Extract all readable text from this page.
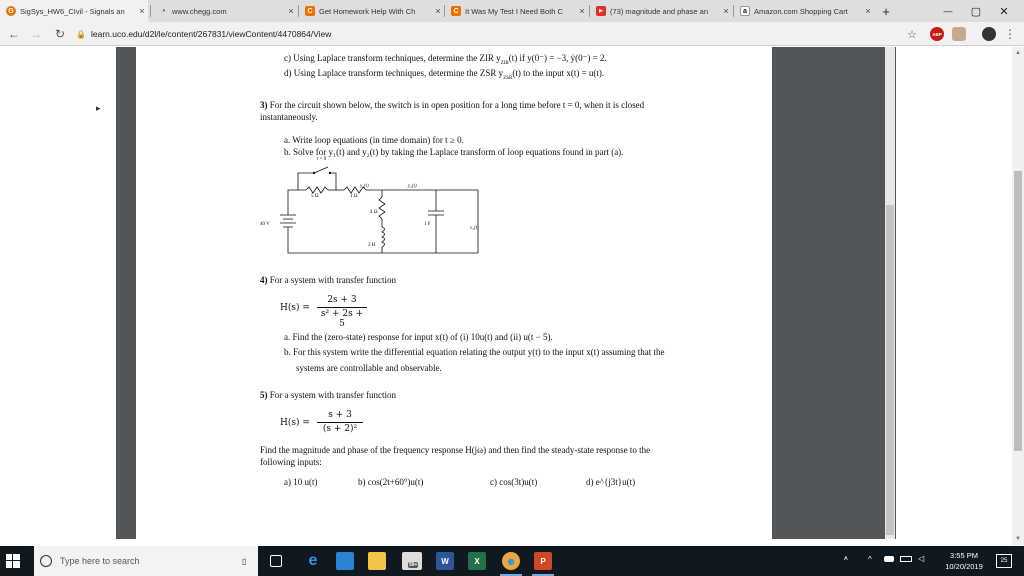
G SigSys_HW6_CIvil - Signals an	×	◔ www.chegg.com	×	C Get Homework Help With Ch	×	C It Was My Test I Need Both C	×	▶ (73) magnitude and phase an	×	a Amazon.com Shopping Cart	× +	—	▢	✕
← →	↻	🔒 learn.uco.edu/d2l/le/content/267831/viewContent/4470864/View	☆	ABP	⋮
▸
c) Using Laplace transform techniques, determine the ZIR $y_{ZIR}(t)$ if y(0⁻) = −3, ẏ(0⁻) = 2.
d) Using Laplace transform techniques, determine the ZSR $y_{ZSR}(t)$ to the input x(t) = u(t).
3) For the circuit shown below, the switch is in open position for a long time before t = 0, when it is closed
instantaneously.
a. Write loop equations (in time domain) for t ≥ 0.
b. Solve for y₁(t) and y₂(t) by taking the Laplace transform of loop equations found in part (a).
t = 0
5 Ω	1 Ω
4 Ω
2 H
1 F
40 V
y₁(t)	y₂(t)
v꜀(t)
4) For a system with transfer function
H(s) =
2s + 3
s² + 2s + 5
a. Find the (zero-state) response for input x(t) of (i) 10u(t) and (ii) u(t − 5).
b. For this system write the differential equation relating the output y(t) to the input x(t) assuming that the
systems are controllable and observable.
5) For a system with transfer function
H(s) =
s + 3
(s + 2)²
Find the magnitude and phase of the frequency response H(jω) and then find the steady-state response to the
following inputs:
a) 10 u(t)	b) cos(2t+60°)u(t)	c) cos(3t)u(t)	d) e^{j3t}u(t)
▲
▼
Type here to search	▯	e	99+	W	X	◉	P	ᴬ	^	◁	3:55 PM
10/20/2019
25
